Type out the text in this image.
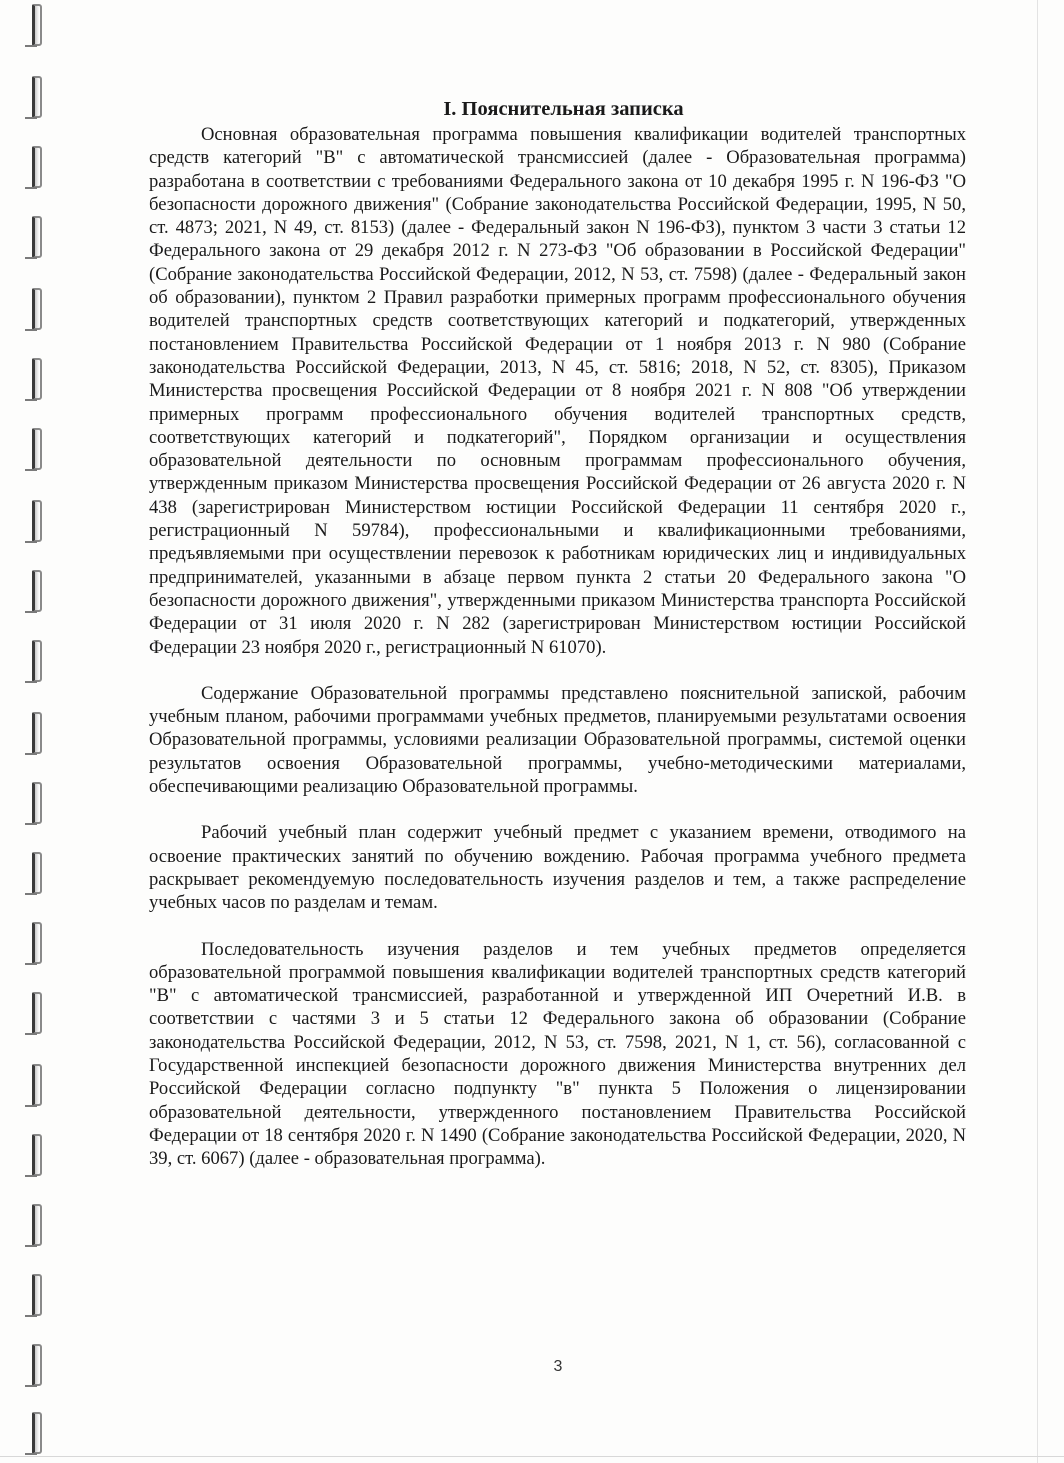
I. Пояснительная записка

Основная образовательная программа повышения квалификации водителей транспортных средств категорий "B" с автоматической трансмиссией (далее - Образовательная программа) разработана в соответствии с требованиями Федерального закона от 10 декабря 1995 г. N 196-ФЗ "О безопасности дорожного движения" (Собрание законодательства Российской Федерации, 1995, N 50, ст. 4873; 2021, N 49, ст. 8153) (далее - Федеральный закон N 196-ФЗ), пунктом 3 части 3 статьи 12 Федерального закона от 29 декабря 2012 г. N 273-ФЗ "Об образовании в Российской Федерации" (Собрание законодательства Российской Федерации, 2012, N 53, ст. 7598) (далее - Федеральный закон об образовании), пунктом 2 Правил разработки примерных программ профессионального обучения водителей транспортных средств соответствующих категорий и подкатегорий, утвержденных постановлением Правительства Российской Федерации от 1 ноября 2013 г. N 980 (Собрание законодательства Российской Федерации, 2013, N 45, ст. 5816; 2018, N 52, ст. 8305), Приказом Министерства просвещения Российской Федерации от 8 ноября 2021 г. N 808 "Об утверждении примерных программ профессионального обучения водителей транспортных средств, соответствующих категорий и подкатегорий", Порядком организации и осуществления образовательной деятельности по основным программам профессионального обучения, утвержденным приказом Министерства просвещения Российской Федерации от 26 августа 2020 г. N 438 (зарегистрирован Министерством юстиции Российской Федерации 11 сентября 2020 г., регистрационный N 59784), профессиональными и квалификационными требованиями, предъявляемыми при осуществлении перевозок к работникам юридических лиц и индивидуальных предпринимателей, указанными в абзаце первом пункта 2 статьи 20 Федерального закона "О безопасности дорожного движения", утвержденными приказом Министерства транспорта Российской Федерации от 31 июля 2020 г. N 282 (зарегистрирован Министерством юстиции Российской Федерации 23 ноября 2020 г., регистрационный N 61070).

Содержание Образовательной программы представлено пояснительной запиской, рабочим учебным планом, рабочими программами учебных предметов, планируемыми результатами освоения Образовательной программы, условиями реализации Образовательной программы, системой оценки результатов освоения Образовательной программы, учебно-методическими материалами, обеспечивающими реализацию Образовательной программы.

Рабочий учебный план содержит учебный предмет с указанием времени, отводимого на освоение практических занятий по обучению вождению. Рабочая программа учебного предмета раскрывает рекомендуемую последовательность изучения разделов и тем, а также распределение учебных часов по разделам и темам.

Последовательность изучения разделов и тем учебных предметов определяется образовательной программой повышения квалификации водителей транспортных средств категорий "B" с автоматической трансмиссией, разработанной и утвержденной ИП Очеретний И.В. в соответствии с частями 3 и 5 статьи 12 Федерального закона об образовании (Собрание законодательства Российской Федерации, 2012, N 53, ст. 7598, 2021, N 1, ст. 56), согласованной с Государственной инспекцией безопасности дорожного движения Министерства внутренних дел Российской Федерации согласно подпункту "в" пункта 5 Положения о лицензировании образовательной деятельности, утвержденного постановлением Правительства Российской Федерации от 18 сентября 2020 г. N 1490 (Собрание законодательства Российской Федерации, 2020, N 39, ст. 6067) (далее - образовательная программа).

3
